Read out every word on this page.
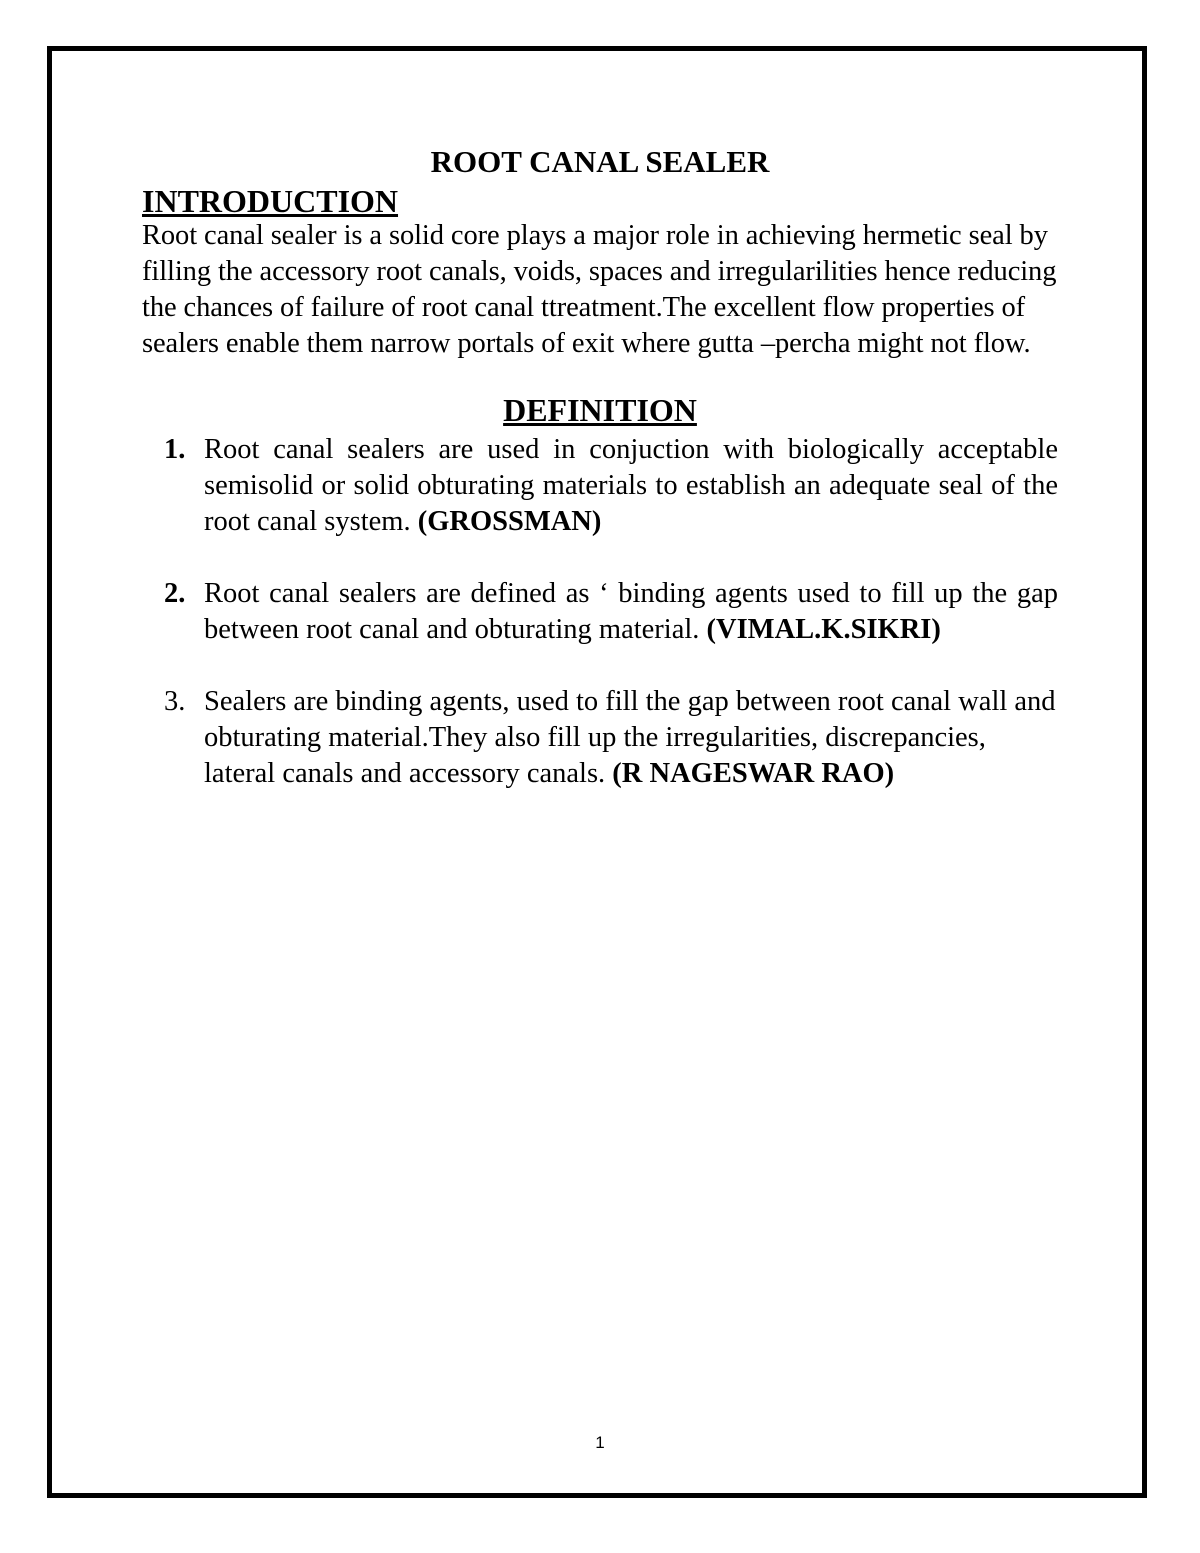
ROOT CANAL SEALER
INTRODUCTION

Root canal sealer is a solid core plays a major role in achieving hermetic seal by filling the accessory root canals, voids, spaces and irregularilities hence reducing the chances of failure of root canal ttreatment.The excellent flow properties of sealers enable them narrow portals of exit where gutta –percha might not flow.

DEFINITION
1. Root canal sealers are used in conjuction with biologically acceptable semisolid or solid obturating materials to establish an adequate seal of the root canal system. (GROSSMAN)
2. Root canal sealers are defined as ‘ binding agents used to fill up the gap between root canal and obturating material. (VIMAL.K.SIKRI)
3. Sealers are binding agents, used to fill the gap between root canal wall and obturating material.They also fill up the irregularities, discrepancies, lateral canals and accessory canals. (R NAGESWAR RAO)
1
